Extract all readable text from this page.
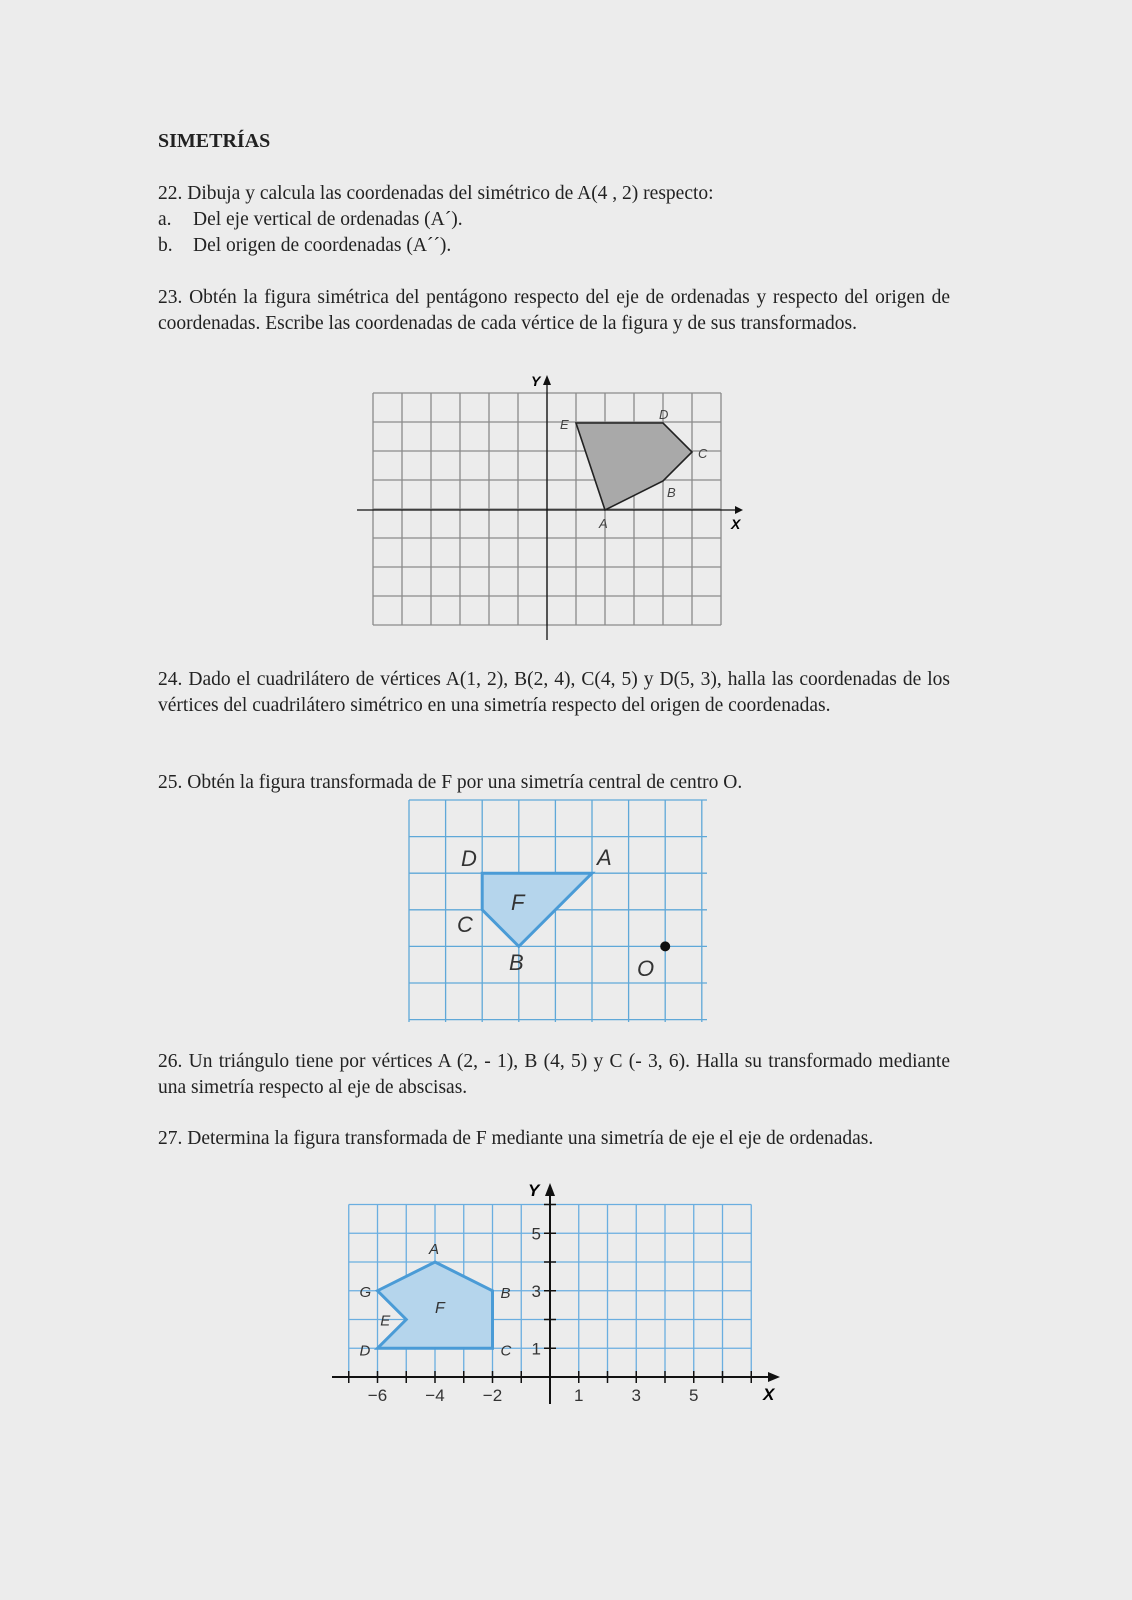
SIMETRÍAS
22. Dibuja y calcula las coordenadas del simétrico de A(4 , 2) respecto:
a.	Del eje vertical de ordenadas (A´).
b.	Del origen de coordenadas (A´´).
23. Obtén la figura simétrica del pentágono respecto del eje de ordenadas y respecto del origen de coordenadas. Escribe las coordenadas de cada vértice de la figura y de sus transformados.
24. Dado el cuadrilátero de vértices A(1, 2), B(2, 4), C(4, 5) y D(5, 3), halla las coordenadas de los vértices del cuadrilátero simétrico en una simetría respecto del origen de coordenadas.
25. Obtén la figura transformada de F por una simetría central de centro O.
26. Un triángulo tiene por vértices A (2, - 1), B (4, 5) y C (- 3, 6). Halla su transformado mediante una simetría respecto al eje de abscisas.
27. Determina la figura transformada de F mediante una simetría de eje el eje de ordenadas.
X
Y
A
B
C
D
E
A
B
C
D
F
O
−6 −4 −2	1	3	5
5
3
1
X
Y
A
B
C
D
E
G
F
